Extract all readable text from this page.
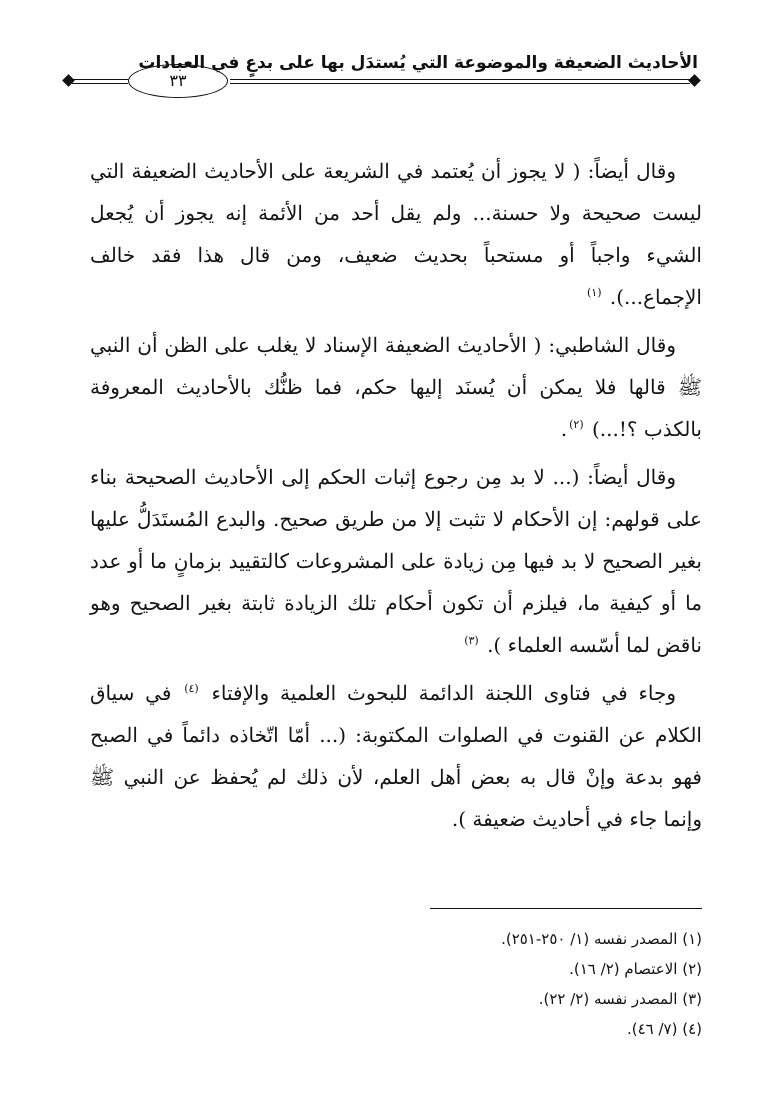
٣٣
الأحاديث الضعيفة والموضوعة التي يُستدَل بها على بدعٍ في العبادات

وقال أيضاً: ( لا يجوز أن يُعتمد في الشريعة على الأحاديث الضعيفة التي ليست صحيحة ولا حسنة... ولم يقل أحد من الأئمة إنه يجوز أن يُجعل الشيء واجباً أو مستحباً بحديث ضعيف، ومن قال هذا فقد خالف الإجماع...). $^{(١)}$

وقال الشاطبي: ( الأحاديث الضعيفة الإسناد لا يغلب على الظن أن النبي ﷺ قالها فلا يمكن أن يُسنَد إليها حكم، فما ظنُّك بالأحاديث المعروفة بالكذب ؟!...) $^{(٢)}$.

وقال أيضاً: (... لا بد مِن رجوع إثبات الحكم إلى الأحاديث الصحيحة بناء على قولهم: إن الأحكام لا تثبت إلا من طريق صحيح. والبدع المُستَدَلُّ عليها بغير الصحيح لا بد فيها مِن زيادة على المشروعات كالتقييد بزمانٍ ما أو عدد ما أو كيفية ما، فيلزم أن تكون أحكام تلك الزيادة ثابتة بغير الصحيح وهو ناقض لما أسّسه العلماء ). $^{(٣)}$

وجاء في فتاوى اللجنة الدائمة للبحوث العلمية والإفتاء $^{(٤)}$ في سياق الكلام عن القنوت في الصلوات المكتوبة: (... أمّا اتّخاذه دائماً في الصبح فهو بدعة وإنْ قال به بعض أهل العلم، لأن ذلك لم يُحفظ عن النبي ﷺ وإنما جاء في أحاديث ضعيفة ).

(١) المصدر نفسه (١/ ٢٥٠-٢٥١).

(٢) الاعتصام (٢/ ١٦).

(٣) المصدر نفسه (٢/ ٢٢).

(٤) (٧/ ٤٦).
